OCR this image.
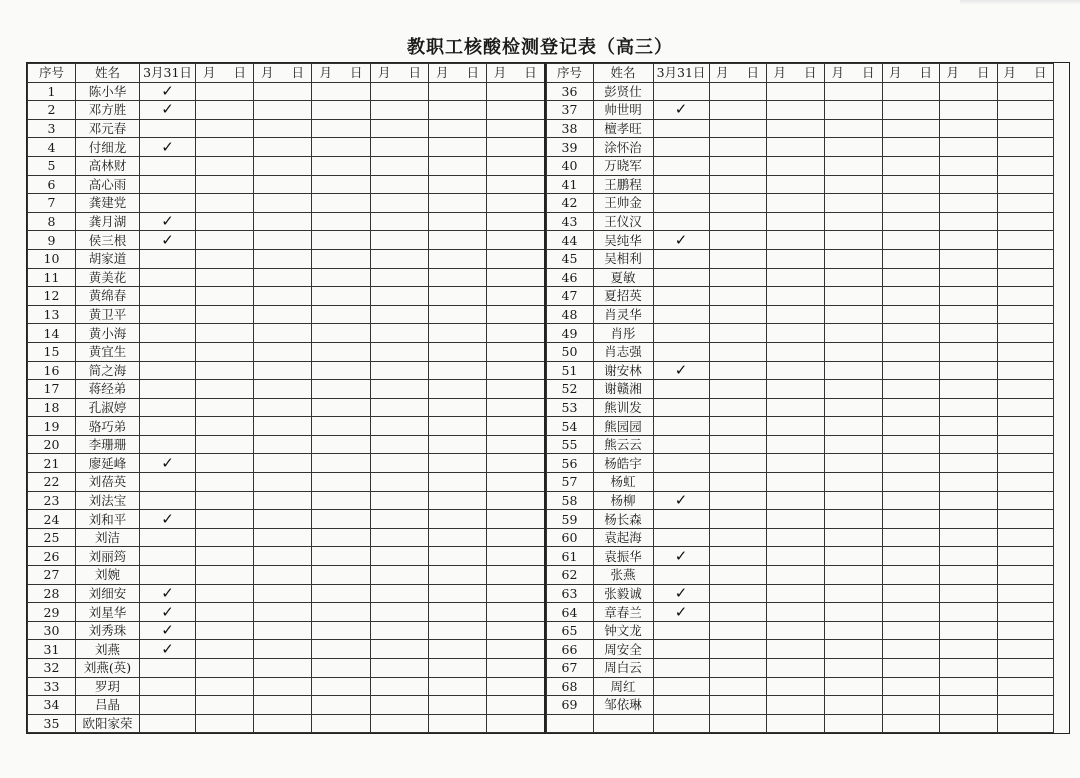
教职工核酸检测登记表（高三）
序号	姓名	3月31日	月 日	月 日	月 日	月 日	月 日	月 日
1	陈小华	✓						
2	邓方胜	✓						
3	邓元春							
4	付细龙	✓						
5	高林财							
6	高心雨							
7	龚建党							
8	龚月湖	✓						
9	侯三根	✓						
10	胡家道							
11	黄美花							
12	黄绵春							
13	黄卫平							
14	黄小海							
15	黄宜生							
16	简之海							
17	蒋经弟							
18	孔淑婷							
19	骆巧弟							
20	李珊珊							
21	廖延峰	✓						
22	刘蓓英							
23	刘法宝							
24	刘和平	✓						
25	刘洁							
26	刘丽筠							
27	刘婉							
28	刘细安	✓						
29	刘星华	✓						
30	刘秀珠	✓						
31	刘燕	✓						
32	刘燕(英)							
33	罗玥							
34	吕晶							
35	欧阳家荣							
序号	姓名	3月31日	月 日	月 日	月 日	月 日	月 日	月 日
36	彭贤仕							
37	帅世明	✓						
38	檀孝旺							
39	涂怀治							
40	万晓军							
41	王鹏程							
42	王帅金							
43	王仪汉							
44	吴纯华	✓						
45	吴相利							
46	夏敏							
47	夏招英							
48	肖灵华							
49	肖彤							
50	肖志强							
51	谢安林	✓						
52	谢赣湘							
53	熊训发							
54	熊园园							
55	熊云云							
56	杨皓宇							
57	杨虹							
58	杨柳	✓						
59	杨长森							
60	袁起海							
61	袁振华	✓						
62	张燕							
63	张毅诚	✓						
64	章春兰	✓						
65	钟文龙							
66	周安全							
67	周白云							
68	周红							
69	邹依琳							
